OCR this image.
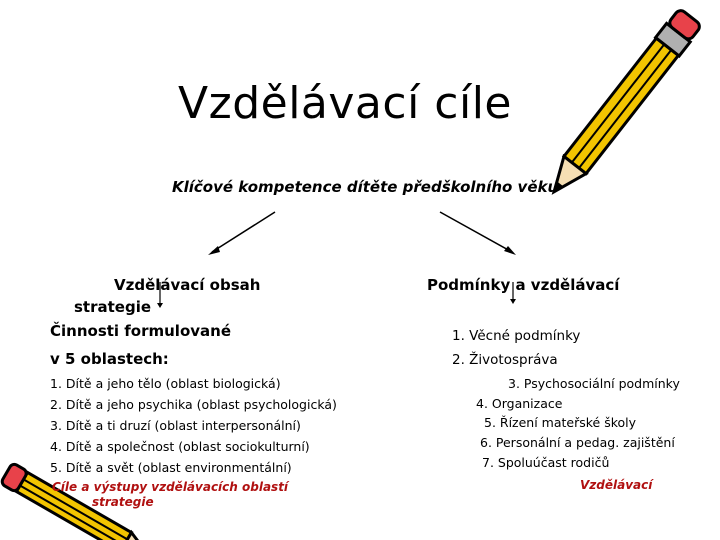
Vzdělávací cíle
Klíčové kompetence dítěte předškolního věku
Vzdělávací obsah
strategie
Činnosti formulované
v 5 oblastech:
1. Dítě a jeho tělo (oblast biologická)
2. Dítě a jeho psychika (oblast psychologická)
3. Dítě a ti druzí (oblast interpersonální)
4. Dítě a společnost (oblast sociokulturní)
5. Dítě a svět (oblast environmentální)
Cíle a výstupy vzdělávacích oblastí
strategie
Podmínky a vzdělávací
1. Věcné podmínky
2. Životospráva
3. Psychosociální podmínky
4. Organizace
5. Řízení mateřské školy
6. Personální a pedag. zajištění
7. Spoluúčast rodičů
Vzdělávací
